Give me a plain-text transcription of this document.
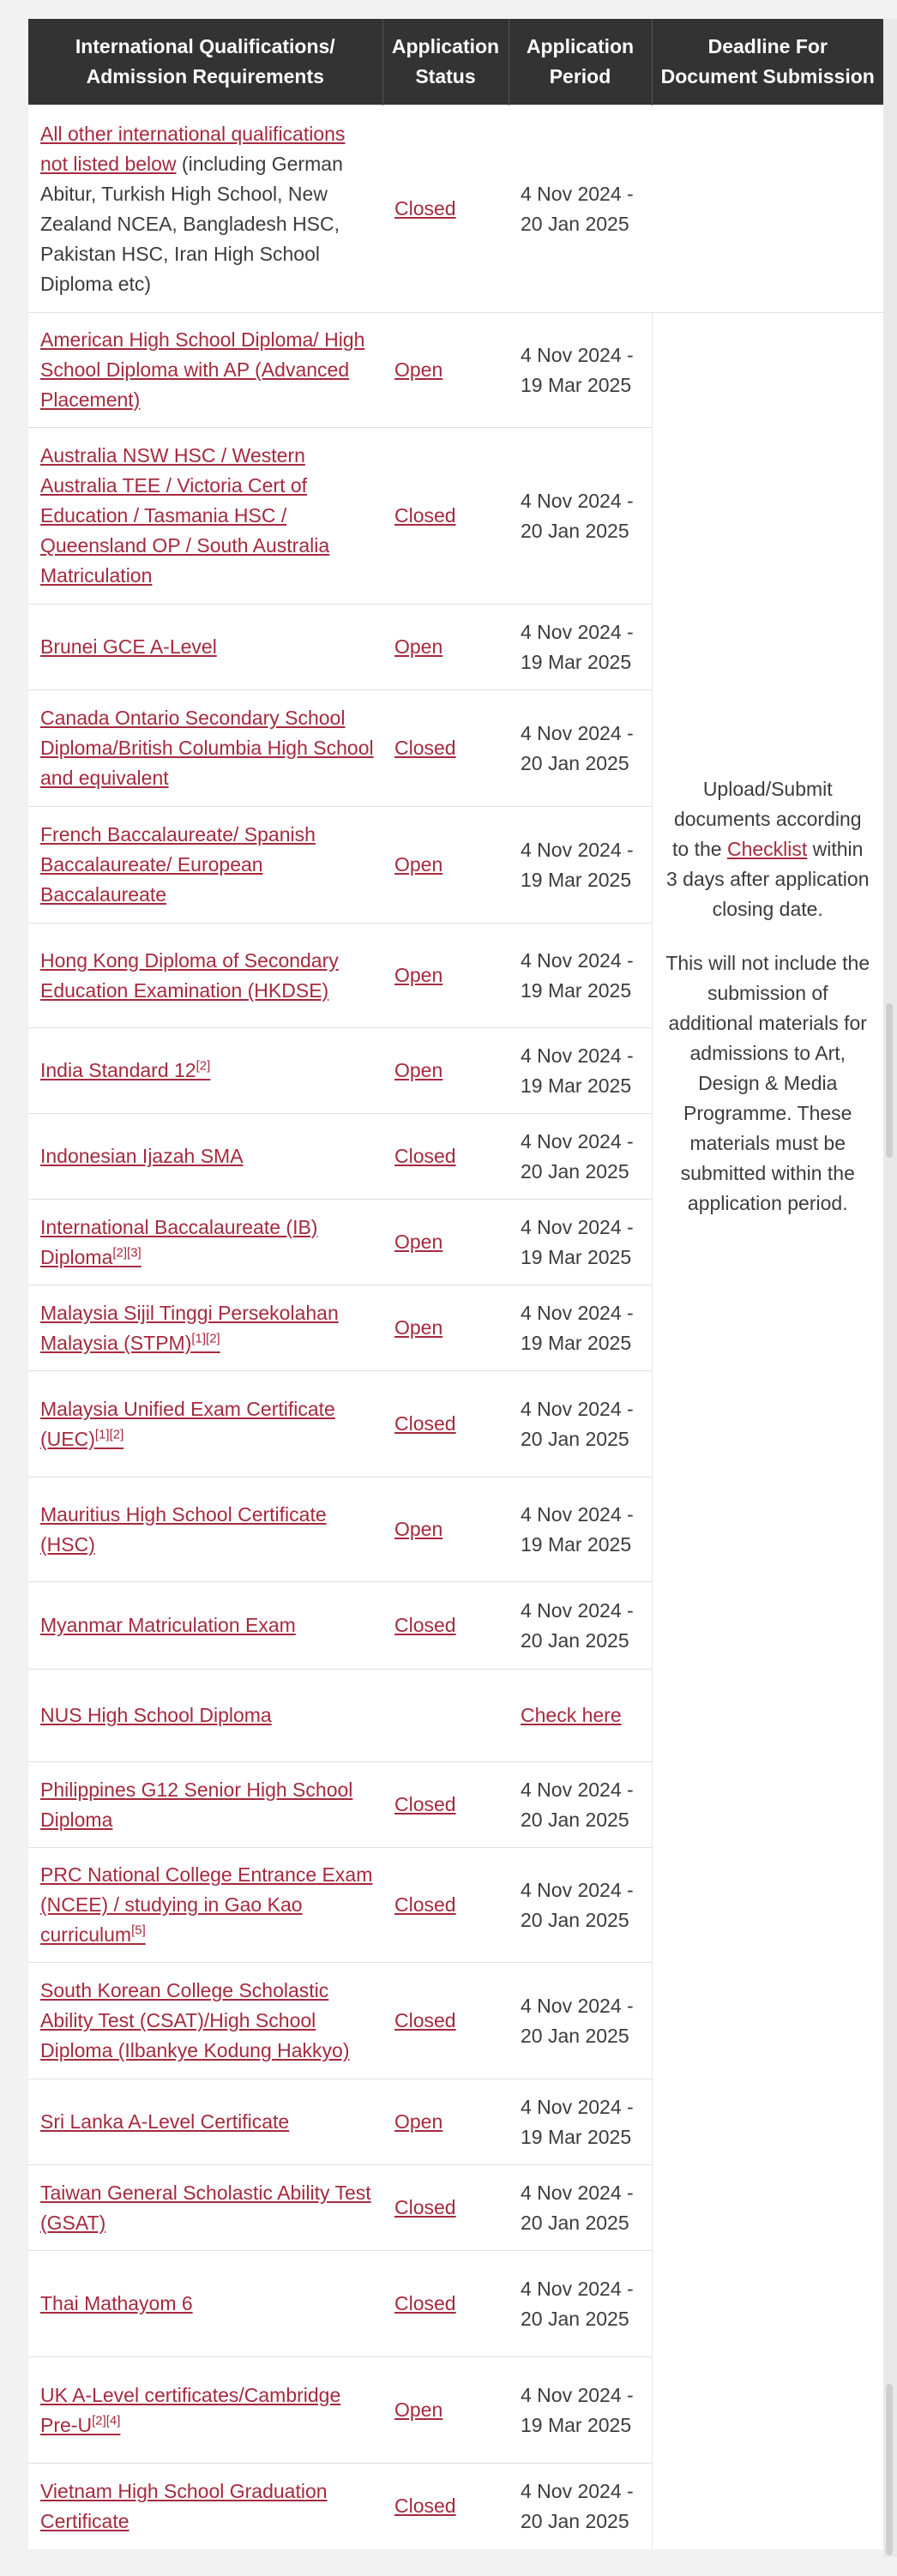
International Qualifications/ Admission Requirements	Application Status	Application Period	Deadline For Document Submission
All other international qualifications not listed below (including German Abitur, Turkish High School, New Zealand NCEA, Bangladesh HSC, Pakistan HSC, Iran High School Diploma etc)	Closed	4 Nov 2024 - 20 Jan 2025	
American High School Diploma/ High School Diploma with AP (Advanced Placement)	Open	4 Nov 2024 - 19 Mar 2025	Upload/Submit documents according to the Checklist within 3 days after application closing date.
This will not include the submission of additional materials for admissions to Art, Design & Media Programme. These materials must be submitted within the application period.

Australia NSW HSC / Western Australia TEE / Victoria Cert of Education / Tasmania HSC / Queensland OP / South Australia Matriculation	Closed	4 Nov 2024 - 20 Jan 2025	
Brunei GCE A-Level	Open	4 Nov 2024 - 19 Mar 2025	
Canada Ontario Secondary School Diploma/British Columbia High School and equivalent	Closed	4 Nov 2024 - 20 Jan 2025	
French Baccalaureate/ Spanish Baccalaureate/ European Baccalaureate	Open	4 Nov 2024 - 19 Mar 2025	
Hong Kong Diploma of Secondary Education Examination (HKDSE)	Open	4 Nov 2024 - 19 Mar 2025	
India Standard 12[2]	Open	4 Nov 2024 - 19 Mar 2025	
Indonesian Ijazah SMA	Closed	4 Nov 2024 - 20 Jan 2025	
International Baccalaureate (IB) Diploma[2][3]	Open	4 Nov 2024 - 19 Mar 2025	
Malaysia Sijil Tinggi Persekolahan Malaysia (STPM)[1][2]	Open	4 Nov 2024 - 19 Mar 2025	
Malaysia Unified Exam Certificate (UEC)[1][2]	Closed	4 Nov 2024 - 20 Jan 2025	
Mauritius High School Certificate (HSC)	Open	4 Nov 2024 - 19 Mar 2025	
Myanmar Matriculation Exam	Closed	4 Nov 2024 - 20 Jan 2025	
NUS High School Diploma		Check here	
Philippines G12 Senior High School Diploma	Closed	4 Nov 2024 - 20 Jan 2025	
PRC National College Entrance Exam (NCEE) / studying in Gao Kao curriculum[5]	Closed	4 Nov 2024 - 20 Jan 2025	
South Korean College Scholastic Ability Test (CSAT)/High School Diploma (Ilbankye Kodung Hakkyo)	Closed	4 Nov 2024 - 20 Jan 2025	
Sri Lanka A-Level Certificate	Open	4 Nov 2024 - 19 Mar 2025	
Taiwan General Scholastic Ability Test (GSAT)	Closed	4 Nov 2024 - 20 Jan 2025	
Thai Mathayom 6	Closed	4 Nov 2024 - 20 Jan 2025	
UK A-Level certificates/Cambridge Pre-U[2][4]	Open	4 Nov 2024 - 19 Mar 2025	
Vietnam High School Graduation Certificate	Closed	4 Nov 2024 - 20 Jan 2025	
